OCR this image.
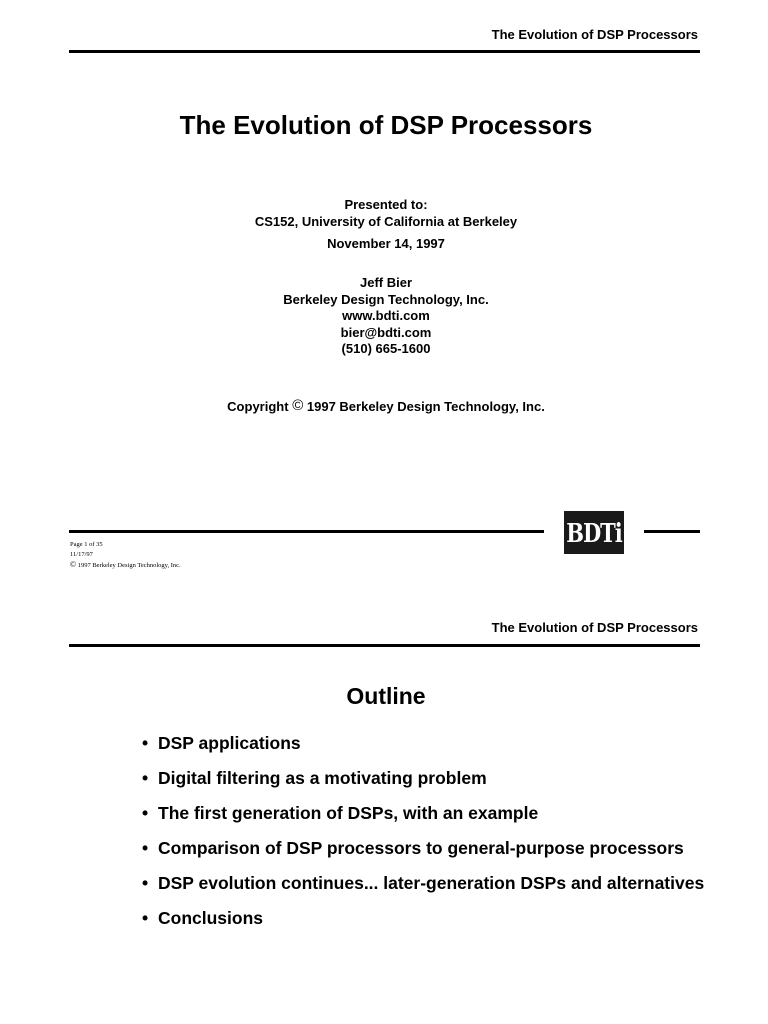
The Evolution of DSP Processors
The Evolution of DSP Processors
Presented to:
CS152, University of California at Berkeley
November 14, 1997
Jeff Bier
Berkeley Design Technology, Inc.
www.bdti.com
bier@bdti.com
(510) 665-1600
Copyright © 1997 Berkeley Design Technology, Inc.
BDTi
Page 1 of 35
11/17/97
© 1997 Berkeley Design Technology, Inc.
The Evolution of DSP Processors
Outline
• DSP applications
• Digital filtering as a motivating problem
• The first generation of DSPs, with an example
• Comparison of DSP processors to general-purpose processors
• DSP evolution continues... later-generation DSPs and alternatives
• Conclusions
